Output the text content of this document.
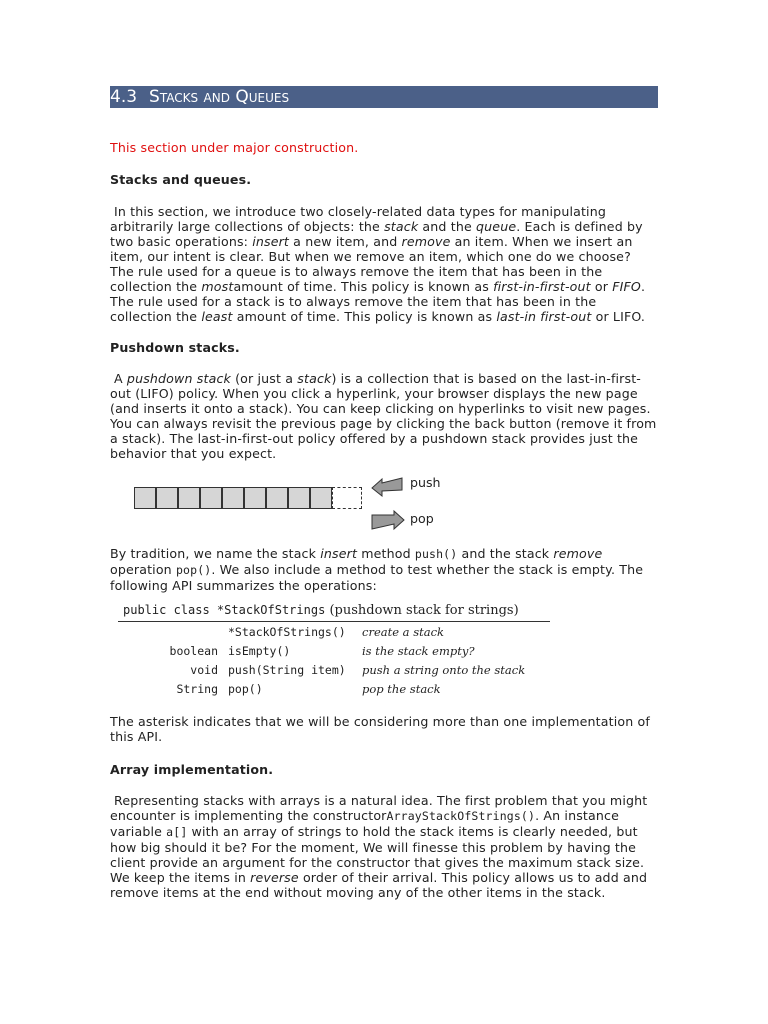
4.3 Stacks and Queues
This section under major construction.
Stacks and queues.
In this section, we introduce two closely-related data types for manipulating arbitrarily large collections of objects: the stack and the queue. Each is defined by two basic operations: insert a new item, and remove an item. When we insert an item, our intent is clear. But when we remove an item, which one do we choose? The rule used for a queue is to always remove the item that has been in the collection the mostamount of time. This policy is known as first-in-first-out or FIFO. The rule used for a stack is to always remove the item that has been in the collection the least amount of time. This policy is known as last-in first-out or LIFO.
Pushdown stacks.
A pushdown stack (or just a stack) is a collection that is based on the last-in-first-out (LIFO) policy. When you click a hyperlink, your browser displays the new page (and inserts it onto a stack). You can keep clicking on hyperlinks to visit new pages. You can always revisit the previous page by clicking the back button (remove it from a stack). The last-in-first-out policy offered by a pushdown stack provides just the behavior that you expect.
push
pop
By tradition, we name the stack insert method push() and the stack remove operation pop(). We also include a method to test whether the stack is empty. The following API summarizes the operations:
public class *StackOfStrings (pushdown stack for strings)
*StackOfStrings() create a stack
boolean isEmpty()	is the stack empty?
void push(String item) push a string onto the stack
String pop()	pop the stack
The asterisk indicates that we will be considering more than one implementation of this API.
Array implementation.
Representing stacks with arrays is a natural idea. The first problem that you might encounter is implementing the constructorArrayStackOfStrings(). An instance variable a[] with an array of strings to hold the stack items is clearly needed, but how big should it be? For the moment, We will finesse this problem by having the client provide an argument for the constructor that gives the maximum stack size. We keep the items in reverse order of their arrival. This policy allows us to add and remove items at the end without moving any of the other items in the stack.
